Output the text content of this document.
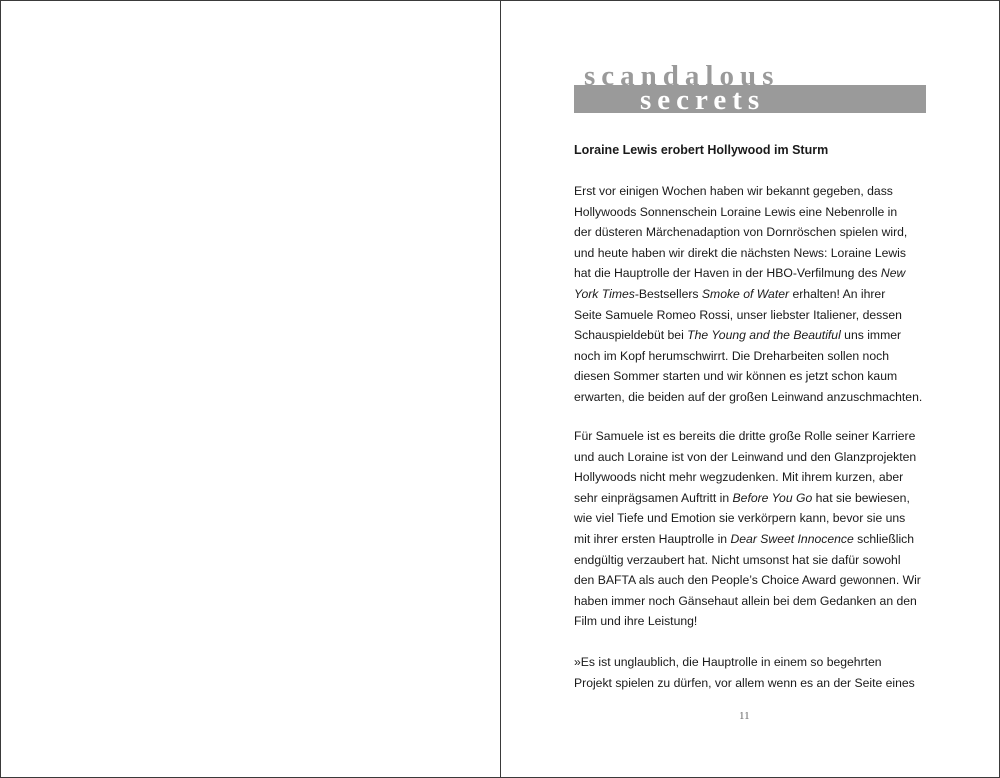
scandalous
secrets
Loraine Lewis erobert Hollywood im Sturm

Erst vor einigen Wochen haben wir bekannt gegeben, dass
Hollywoods Sonnenschein Loraine Lewis eine Nebenrolle in
der düsteren Märchenadaption von Dornröschen spielen wird,
und heute haben wir direkt die nächsten News: Loraine Lewis
hat die Hauptrolle der Haven in der HBO-Verfilmung des New
York Times-Bestsellers Smoke of Water erhalten! An ihrer
Seite Samuele Romeo Rossi, unser liebster Italiener, dessen
Schauspieldebüt bei The Young and the Beautiful uns immer
noch im Kopf herumschwirrt. Die Dreharbeiten sollen noch
diesen Sommer starten und wir können es jetzt schon kaum
erwarten, die beiden auf der großen Leinwand anzuschmachten.

Für Samuele ist es bereits die dritte große Rolle seiner Karriere
und auch Loraine ist von der Leinwand und den Glanzprojekten
Hollywoods nicht mehr wegzudenken. Mit ihrem kurzen, aber
sehr einprägsamen Auftritt in Before You Go hat sie bewiesen,
wie viel Tiefe und Emotion sie verkörpern kann, bevor sie uns
mit ihrer ersten Hauptrolle in Dear Sweet Innocence schließlich
endgültig verzaubert hat. Nicht umsonst hat sie dafür sowohl
den BAFTA als auch den People’s Choice Award gewonnen. Wir
haben immer noch Gänsehaut allein bei dem Gedanken an den
Film und ihre Leistung!

»Es ist unglaublich, die Hauptrolle in einem so begehrten
Projekt spielen zu dürfen, vor allem wenn es an der Seite eines

11
